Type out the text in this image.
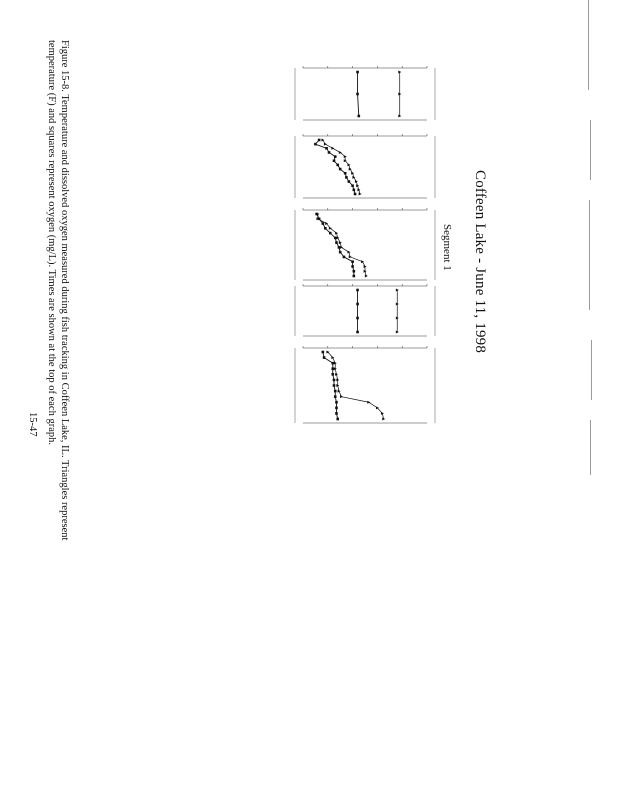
Coffeen Lake - June 11, 1998
Segment 1
Figure 15-8. Temperature and dissolved oxygen measured during fish tracking in Coffeen Lake, IL. Triangles represent
temperature (F) and squares represent oxygen (mg/L). Times are shown at the top of each graph.
15-47
